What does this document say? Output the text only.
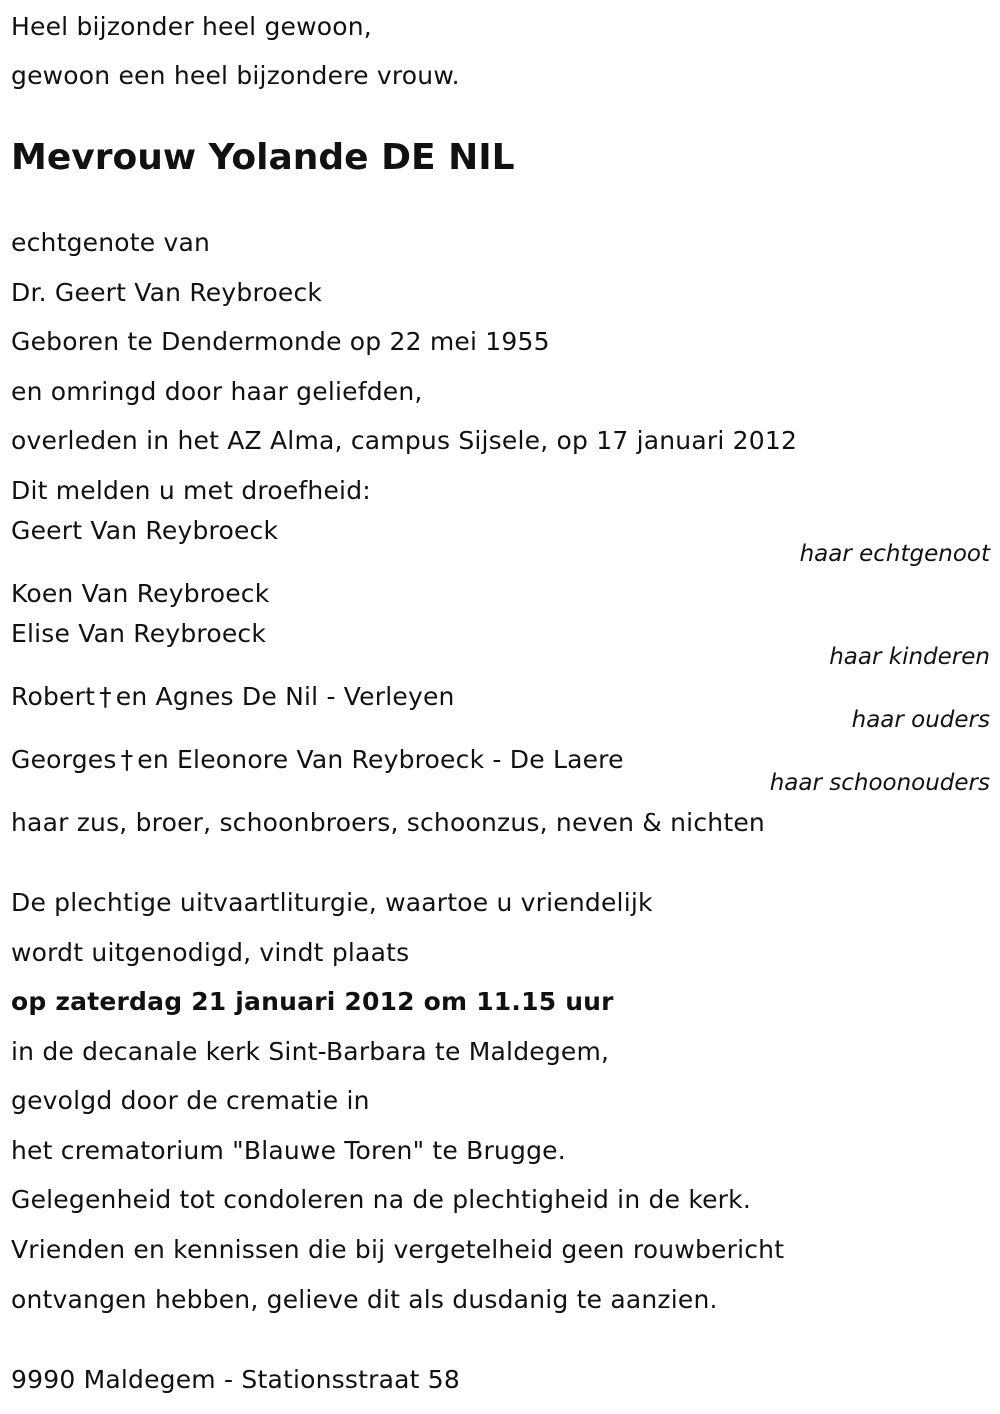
Heel bijzonder heel gewoon,
gewoon een heel bijzondere vrouw.
Mevrouw Yolande DE NIL
echtgenote van
Dr. Geert Van Reybroeck
Geboren te Dendermonde op 22 mei 1955
en omringd door haar geliefden,
overleden in het AZ Alma, campus Sijsele, op 17 januari 2012
Dit melden u met droefheid:
Geert Van Reybroeck
haar echtgenoot
Koen Van Reybroeck
Elise Van Reybroeck
haar kinderen
Robert † en Agnes De Nil - Verleyen
haar ouders
Georges † en Eleonore Van Reybroeck - De Laere
haar schoonouders
haar zus, broer, schoonbroers, schoonzus, neven & nichten
De plechtige uitvaartliturgie, waartoe u vriendelijk
wordt uitgenodigd, vindt plaats
op zaterdag 21 januari 2012 om 11.15 uur
in de decanale kerk Sint-Barbara te Maldegem,
gevolgd door de crematie in
het crematorium "Blauwe Toren" te Brugge.
Gelegenheid tot condoleren na de plechtigheid in de kerk.
Vrienden en kennissen die bij vergetelheid geen rouwbericht
ontvangen hebben, gelieve dit als dusdanig te aanzien.
9990 Maldegem - Stationsstraat 58
